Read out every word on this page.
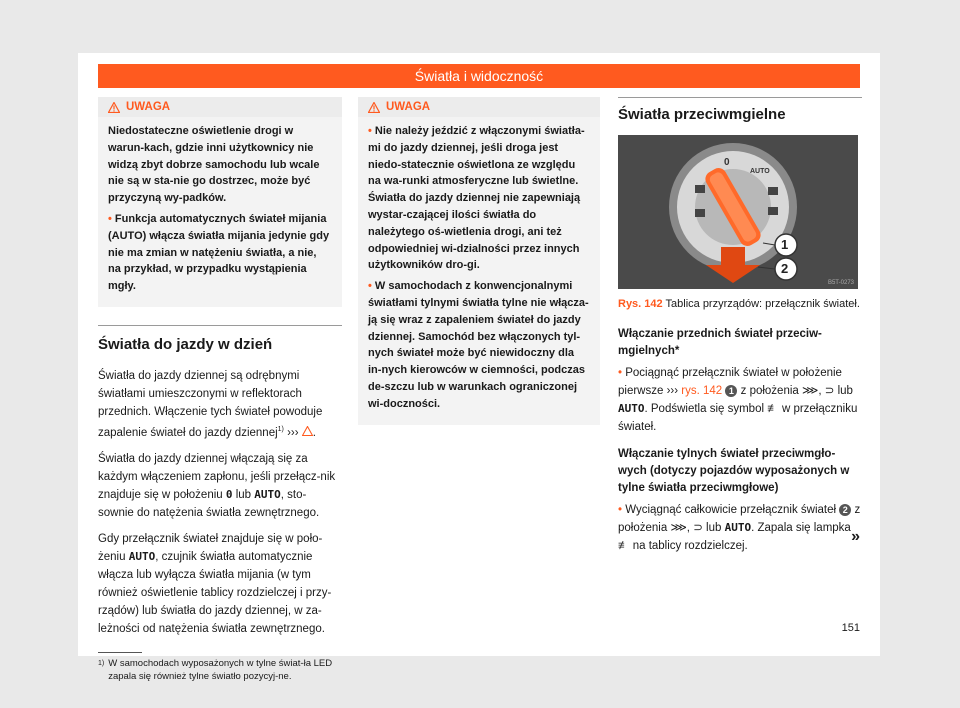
Światła i widoczność
UWAGA

Niedostateczne oświetlenie drogi w warun-kach, gdzie inni użytkownicy nie widzą zbyt dobrze samochodu lub wcale nie są w sta-nie go dostrzec, może być przyczyną wy-padków.

• Funkcja automatycznych świateł mijania (AUTO) włącza światła mijania jedynie gdy nie ma zmian w natężeniu światła, a nie, na przykład, w przypadku wystąpienia mgły.

Światła do jazdy w dzień

Światła do jazdy dziennej są odrębnymi światłami umieszczonymi w reflektorach przednich. Włączenie tych świateł powoduje zapalenie świateł do jazdy dziennej$^{1)}$ ››› .

Światła do jazdy dziennej włączają się za każdym włączeniem zapłonu, jeśli przełącz-nik znajduje się w położeniu 0 lub AUTO, sto-sownie do natężenia światła zewnętrznego.

Gdy przełącznik świateł znajduje się w poło-żeniu AUTO, czujnik światła automatycznie włącza lub wyłącza światła mijania (w tym również oświetlenie tablicy rozdzielczej i przy-rządów) lub światła do jazdy dziennej, w za-leżności od natężenia światła zewnętrznego.

1) W samochodach wyposażonych w tylne świat-ła LED zapala się również tylne światło pozycyj-ne.
UWAGA

• Nie należy jeździć z włączonymi światła-mi do jazdy dziennej, jeśli droga jest niedo-statecznie oświetlona ze względu na wa-runki atmosferyczne lub świetlne. Światła do jazdy dziennej nie zapewniają wystar-czającej ilości światła do należytego oś-wietlenia drogi, ani też odpowiedniej wi-dzialności przez innych użytkowników dro-gi.

• W samochodach z konwencjonalnymi światłami tylnymi światła tylne nie włącza-ją się wraz z zapaleniem świateł do jazdy dziennej. Samochód bez włączonych tyl-nych świateł może być niewidoczny dla in-nych kierowców w ciemności, podczas de-szczu lub w warunkach ograniczonej wi-doczności.

Światła przeciwmgielne
0
AUTO
1
2
B5T-0273
Rys. 142 Tablica przyrządów: przełącznik świateł.
Włączanie przednich świateł przeciw-mgielnych*

• Pociągnąć przełącznik świateł w położenie pierwsze ››› rys. 142 1 z położenia ⋙, ⊃ lub AUTO. Podświetla się symbol ≢ w przełączniku świateł.

Włączanie tylnych świateł przeciwmgło-wych (dotyczy pojazdów wyposażonych w tylne światła przeciwmgłowe)

• Wyciągnąć całkowicie przełącznik świateł 2 z położenia ⋙, ⊃ lub AUTO. Zapala się lampka ≢ na tablicy rozdzielczej.

»
151
